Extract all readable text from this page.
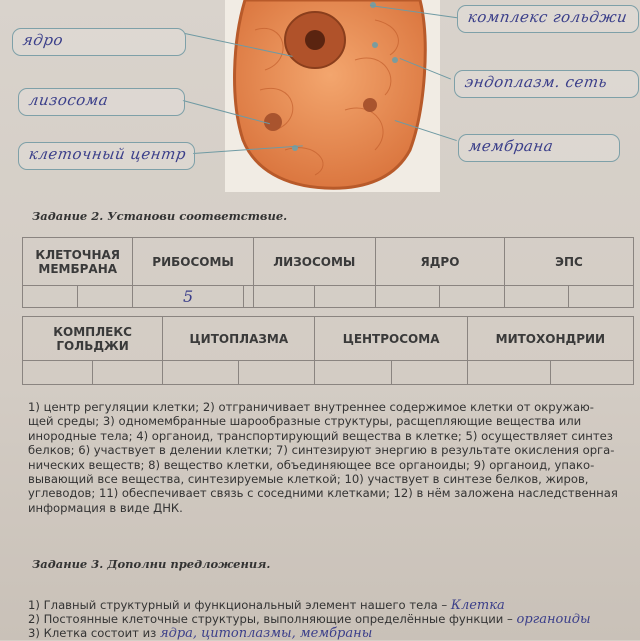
ядро
лизосома
клеточный центр
комплекс гольджи
эндоплазм. сеть
мембрана
Задание 2. Установи соответствие.
КЛЕТОЧНАЯ МЕМБРАНА		РИБОСОМЫ		ЛИЗОСОМЫ		ЯДРО		ЭПС	
		5							
КОМПЛЕКС ГОЛЬДЖИ		ЦИТОПЛАЗМА		ЦЕНТРОСОМА		МИТОХОНДРИИ	

1) центр регуляции клетки; 2) отграничивает внутреннее содержимое клетки от окружаю-
щей среды; 3) одномембранные шарообразные структуры, расщепляющие вещества или
инородные тела; 4) органоид, транспортирующий вещества в клетке; 5) осуществляет синтез
белков; 6) участвует в делении клетки; 7) синтезируют энергию в результате окисления орга-
нических веществ; 8) вещество клетки, объединяющее все органоиды; 9) органоид, упако-
вывающий все вещества, синтезируемые клеткой; 10) участвует в синтезе белков, жиров,
углеводов; 11) обеспечивает связь с соседними клетками; 12) в нём заложена наследственная
информация в виде ДНК.
Задание 3. Дополни предложения.
1) Главный структурный и функциональный элемент нашего тела – Клетка
2) Постоянные клеточные структуры, выполняющие определённые функции – органоиды
3) Клетка состоит из ядра, цитоплазмы, мембраны
